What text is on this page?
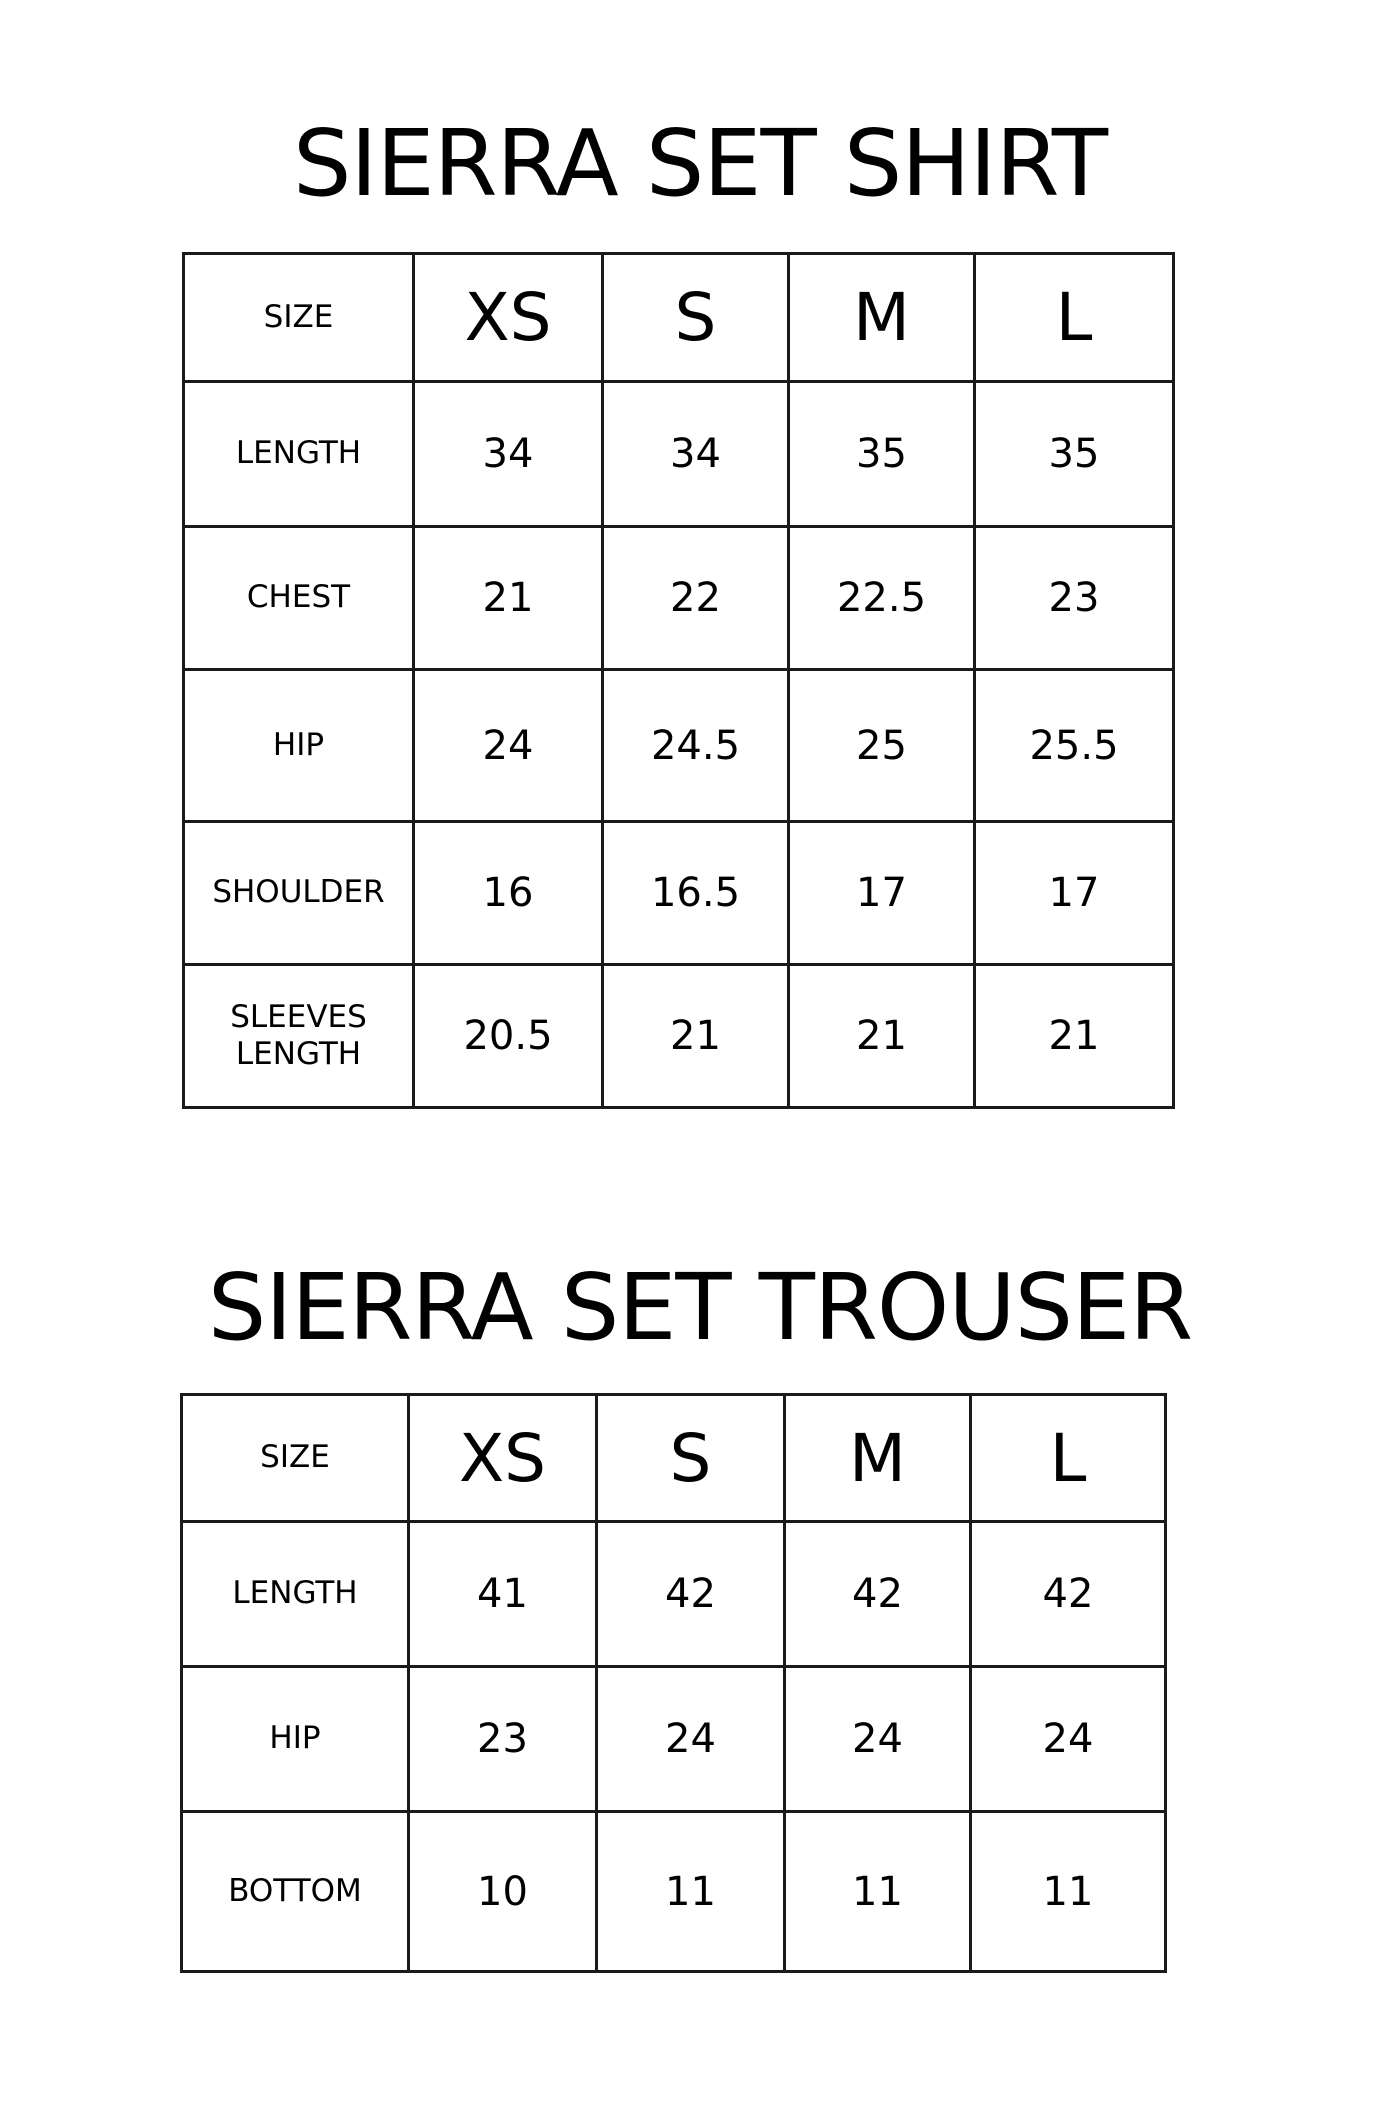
SIERRA SET SHIRT
SIZE	XS	S	M	L
LENGTH	34	34	35	35
CHEST	21	22	22.5	23
HIP	24	24.5	25	25.5
SHOULDER	16	16.5	17	17

SLEEVES
LENGTH	20.5	21	21	21
SIERRA SET TROUSER
SIZE	XS	S	M	L
LENGTH	41	42	42	42
HIP	23	24	24	24
BOTTOM	10	11	11	11
